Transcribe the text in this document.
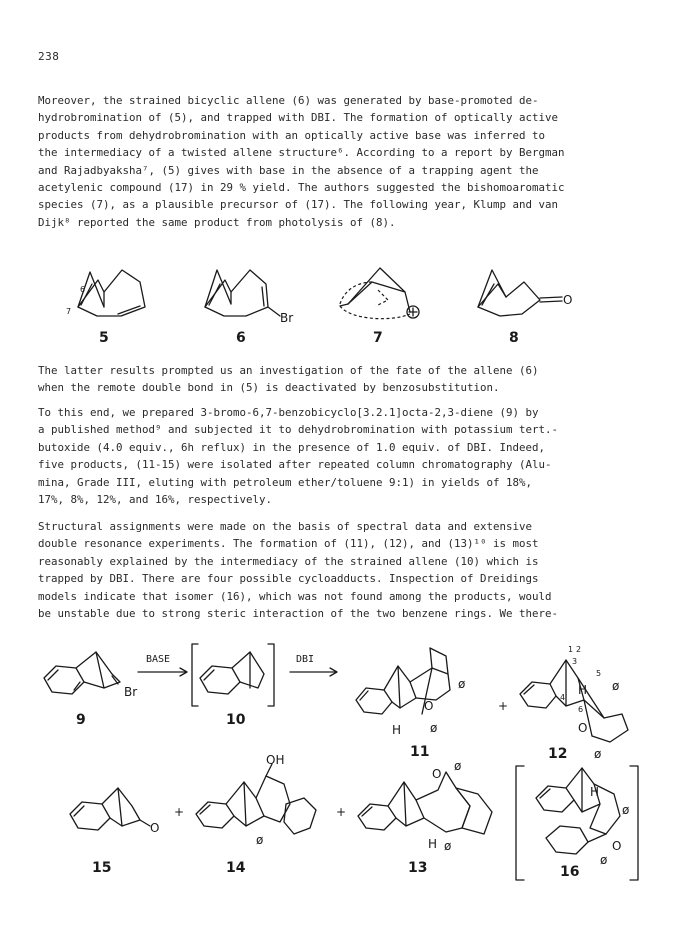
238
Moreover, the strained bicyclic allene (6) was generated by base-promoted de-
hydrobromination of (5), and trapped with DBI. The formation of optically active
products from dehydrobromination with an optically active base was inferred to
the intermediacy of a twisted allene structure⁶. According to a report by Bergman
and Rajadbyaksha⁷, (5) gives with base in the absence of a trapping agent the
acetylenic compound (17) in 29 % yield. The authors suggested the bishomoaromatic
species (7), as a plausible precursor of (17). The following year, Klump and van
Dijk⁸ reported the same product from photolysis of (8).
6
7
5
Br
6	7
O
8
The latter results prompted us an investigation of the fate of the allene (6)
when the remote double bond in (5) is deactivated by benzosubstitution.
To this end, we prepared 3-bromo-6,7-benzobicyclo[3.2.1]octa-2,3-diene (9) by
a published method⁹ and subjected it to dehydrobromination with potassium tert.-
butoxide (4.0 equiv., 6h reflux) in the presence of 1.0 equiv. of DBI. Indeed,
five products, (11-15) were isolated after repeated column chromatography (Alu-
mina, Grade III, eluting with petroleum ether/toluene 9:1) in yields of 18%,
17%, 8%, 12%, and 16%, respectively.
Structural assignments were made on the basis of spectral data and extensive
double resonance experiments. The formation of (11), (12), and (13)¹⁰ is most
reasonably explained by the intermediacy of the strained allene (10) which is
trapped by DBI. There are four possible cycloadducts. Inspection of Dreidings
models indicate that isomer (16), which was not found among the products, would
be unstable due to strong steric interaction of the two benzene rings. We there-
Br
9
BASE
10
DBI
O
ø
ø
H
11
+
1 2
3
4
5
6
H ø
O
ø
12
O
15
+
OH
ø
14
+
O
ø
H ø
13
H
ø
O
ø
16
